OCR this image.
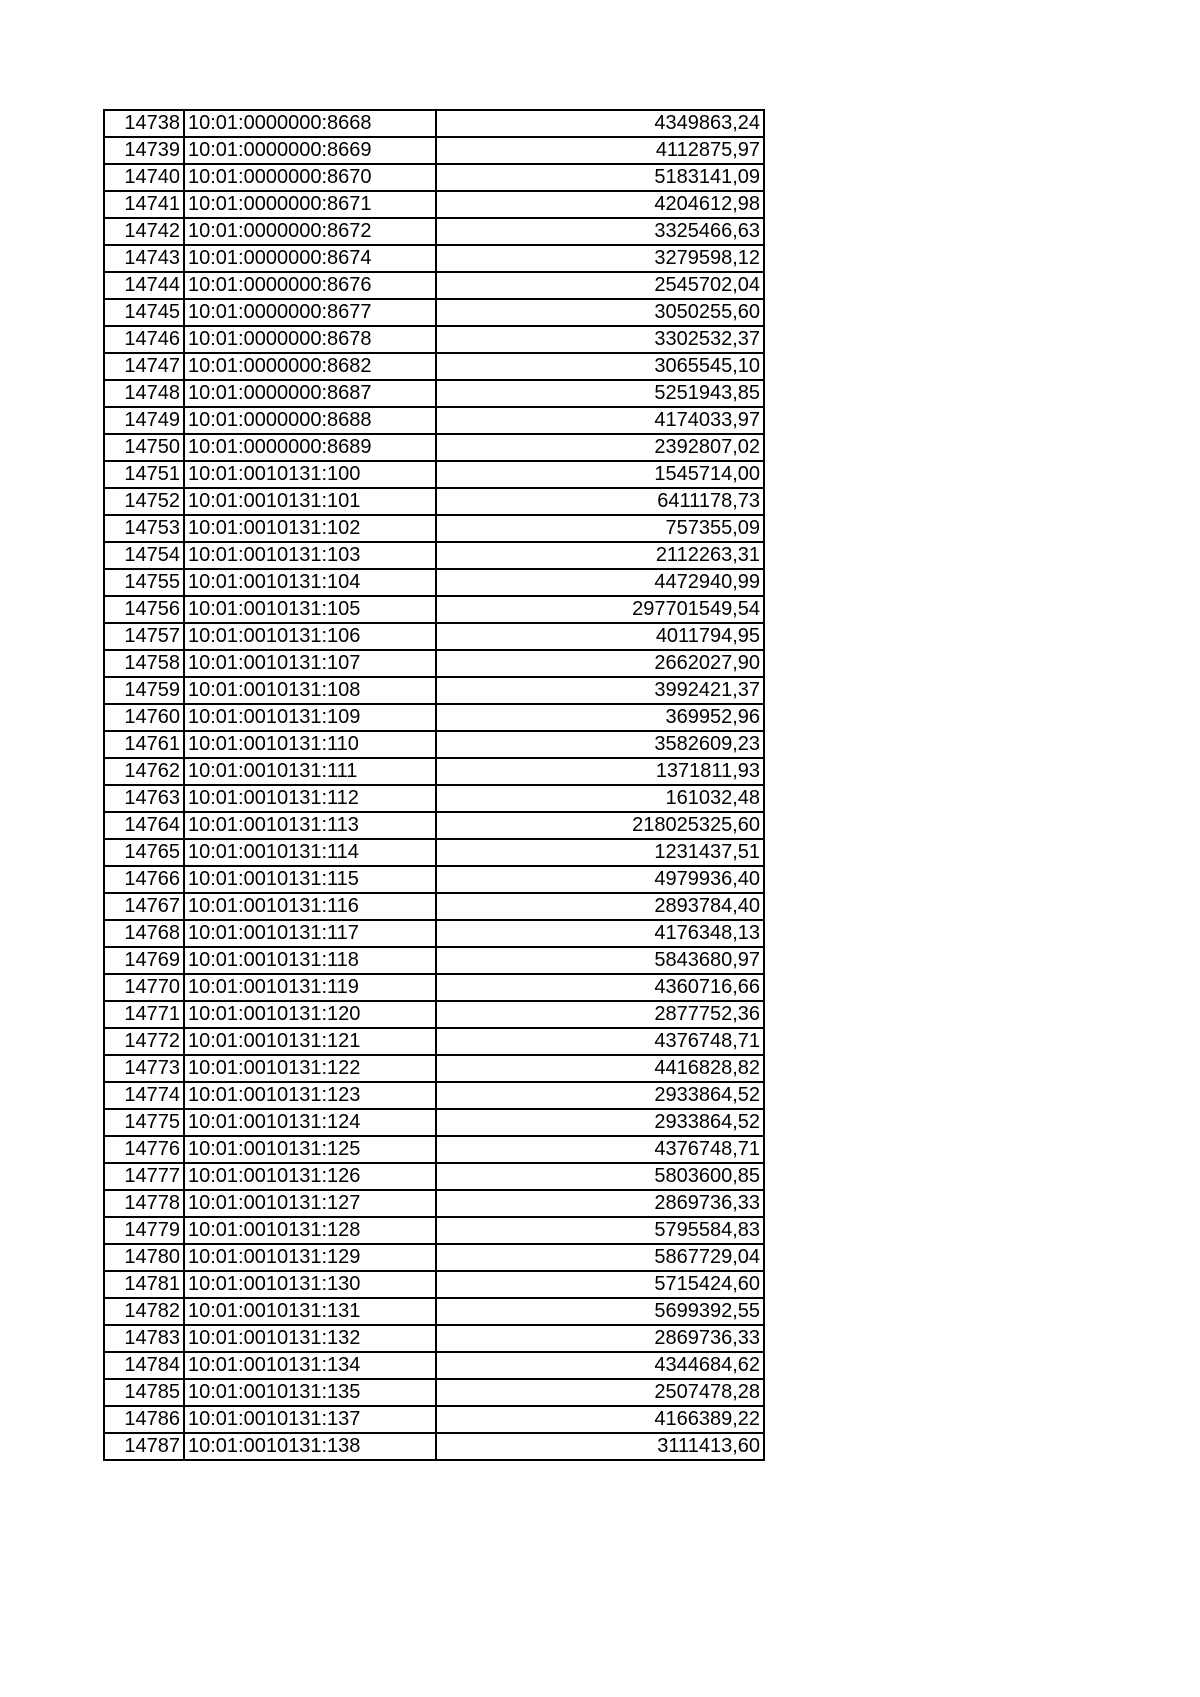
14738	10:01:0000000:8668	4349863,24
14739	10:01:0000000:8669	4112875,97
14740	10:01:0000000:8670	5183141,09
14741	10:01:0000000:8671	4204612,98
14742	10:01:0000000:8672	3325466,63
14743	10:01:0000000:8674	3279598,12
14744	10:01:0000000:8676	2545702,04
14745	10:01:0000000:8677	3050255,60
14746	10:01:0000000:8678	3302532,37
14747	10:01:0000000:8682	3065545,10
14748	10:01:0000000:8687	5251943,85
14749	10:01:0000000:8688	4174033,97
14750	10:01:0000000:8689	2392807,02
14751	10:01:0010131:100	1545714,00
14752	10:01:0010131:101	6411178,73
14753	10:01:0010131:102	757355,09
14754	10:01:0010131:103	2112263,31
14755	10:01:0010131:104	4472940,99
14756	10:01:0010131:105	297701549,54
14757	10:01:0010131:106	4011794,95
14758	10:01:0010131:107	2662027,90
14759	10:01:0010131:108	3992421,37
14760	10:01:0010131:109	369952,96
14761	10:01:0010131:110	3582609,23
14762	10:01:0010131:111	1371811,93
14763	10:01:0010131:112	161032,48
14764	10:01:0010131:113	218025325,60
14765	10:01:0010131:114	1231437,51
14766	10:01:0010131:115	4979936,40
14767	10:01:0010131:116	2893784,40
14768	10:01:0010131:117	4176348,13
14769	10:01:0010131:118	5843680,97
14770	10:01:0010131:119	4360716,66
14771	10:01:0010131:120	2877752,36
14772	10:01:0010131:121	4376748,71
14773	10:01:0010131:122	4416828,82
14774	10:01:0010131:123	2933864,52
14775	10:01:0010131:124	2933864,52
14776	10:01:0010131:125	4376748,71
14777	10:01:0010131:126	5803600,85
14778	10:01:0010131:127	2869736,33
14779	10:01:0010131:128	5795584,83
14780	10:01:0010131:129	5867729,04
14781	10:01:0010131:130	5715424,60
14782	10:01:0010131:131	5699392,55
14783	10:01:0010131:132	2869736,33
14784	10:01:0010131:134	4344684,62
14785	10:01:0010131:135	2507478,28
14786	10:01:0010131:137	4166389,22
14787	10:01:0010131:138	3111413,60
